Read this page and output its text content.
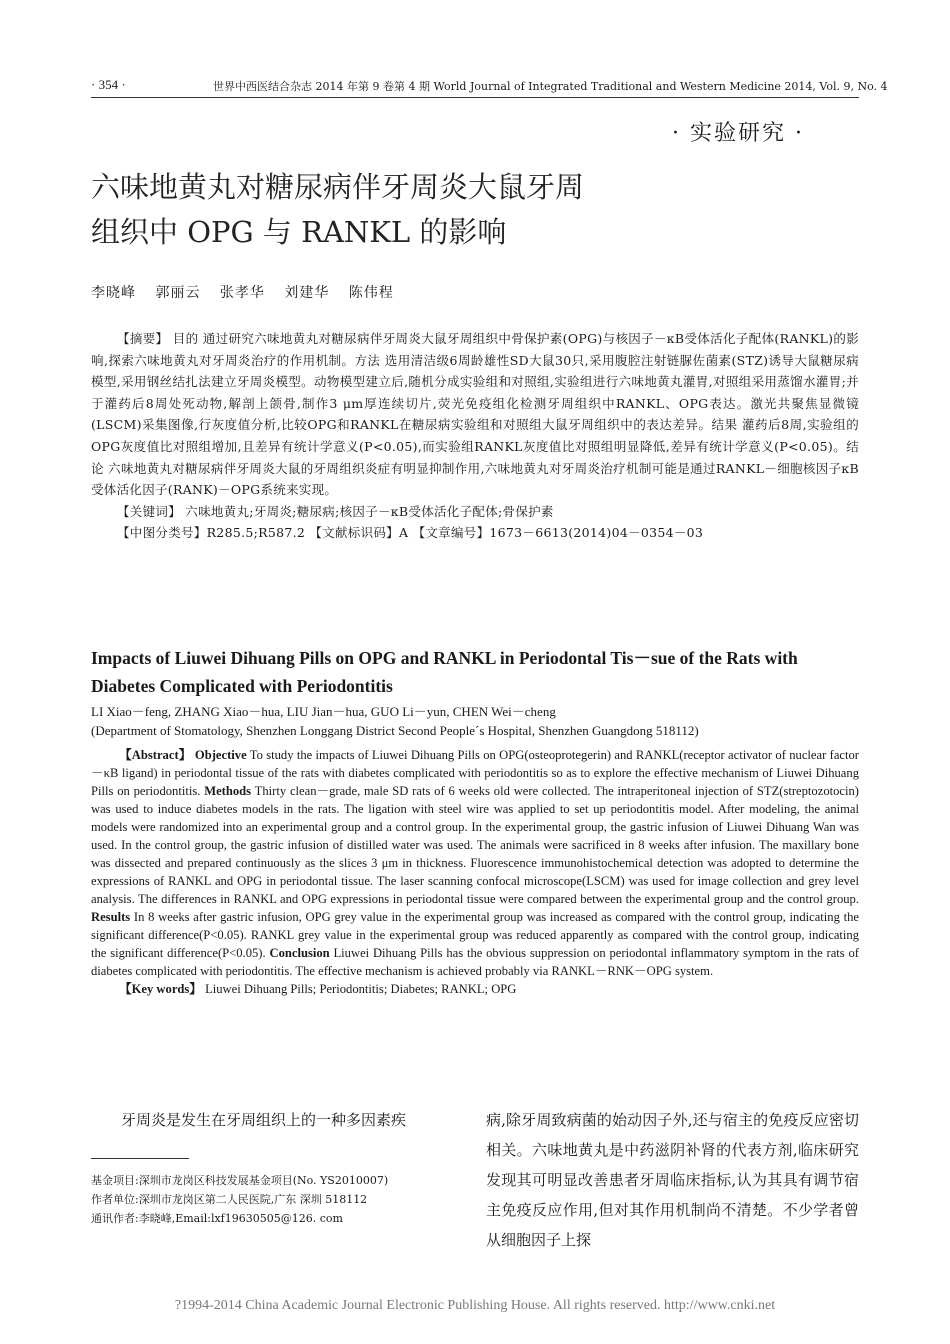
· 354 ·	世界中西医结合杂志 2014 年第 9 卷第 4 期 World Journal of Integrated Traditional and Western Medicine 2014, Vol. 9, No. 4
· 实验研究 ·
六味地黄丸对糖尿病伴牙周炎大鼠牙周
组织中 OPG 与 RANKL 的影响
李晓峰 郭丽云 张孝华 刘建华 陈伟程

【摘要】 目的 通过研究六味地黄丸对糖尿病伴牙周炎大鼠牙周组织中骨保护素(OPG)与核因子－κB受体活化子配体(RANKL)的影响,探索六味地黄丸对牙周炎治疗的作用机制。方法 选用清洁级6周龄雄性SD大鼠30只,采用腹腔注射链脲佐菌素(STZ)诱导大鼠糖尿病模型,采用钢丝结扎法建立牙周炎模型。动物模型建立后,随机分成实验组和对照组,实验组进行六味地黄丸灌胃,对照组采用蒸馏水灌胃;并于灌药后8周处死动物,解剖上颌骨,制作3 μm厚连续切片,荧光免疫组化检测牙周组织中RANKL、OPG表达。激光共聚焦显微镜(LSCM)采集图像,行灰度值分析,比较OPG和RANKL在糖尿病实验组和对照组大鼠牙周组织中的表达差异。结果 灌药后8周,实验组的OPG灰度值比对照组增加,且差异有统计学意义(P<0.05),而实验组RANKL灰度值比对照组明显降低,差异有统计学意义(P<0.05)。结论 六味地黄丸对糖尿病伴牙周炎大鼠的牙周组织炎症有明显抑制作用,六味地黄丸对牙周炎治疗机制可能是通过RANKL－细胞核因子κB受体活化因子(RANK)－OPG系统来实现。

【关键词】 六味地黄丸;牙周炎;糖尿病;核因子－κB受体活化子配体;骨保护素

【中图分类号】R285.5;R587.2 【文献标识码】A 【文章编号】1673－6613(2014)04－0354－03

Impacts of Liuwei Dihuang Pills on OPG and RANKL in Periodontal Tis－sue of the Rats with Diabetes Complicated with Periodontitis
LI Xiao－feng, ZHANG Xiao－hua, LIU Jian－hua, GUO Li－yun, CHEN Wei－cheng
(Department of Stomatology, Shenzhen Longgang District Second People´s Hospital, Shenzhen Guangdong 518112)

【Abstract】 Objective To study the impacts of Liuwei Dihuang Pills on OPG(osteoprotegerin) and RANKL(receptor activator of nuclear factor－κB ligand) in periodontal tissue of the rats with diabetes complicated with periodontitis so as to explore the effective mechanism of Liuwei Dihuang Pills on periodontitis. Methods Thirty clean－grade, male SD rats of 6 weeks old were collected. The intraperitoneal injection of STZ(streptozotocin) was used to induce diabetes models in the rats. The ligation with steel wire was applied to set up periodontitis model. After modeling, the animal models were randomized into an experimental group and a control group. In the experimental group, the gastric infusion of Liuwei Dihuang Wan was used. In the control group, the gastric infusion of distilled water was used. The animals were sacrificed in 8 weeks after infusion. The maxillary bone was dissected and prepared continuously as the slices 3 μm in thickness. Fluorescence immunohistochemical detection was adopted to determine the expressions of RANKL and OPG in periodontal tissue. The laser scanning confocal microscope(LSCM) was used for image collection and grey level analysis. The differences in RANKL and OPG expressions in periodontal tissue were compared between the experimental group and the control group. Results In 8 weeks after gastric infusion, OPG grey value in the experimental group was increased as compared with the control group, indicating the significant difference(P<0.05). RANKL grey value in the experimental group was reduced apparently as compared with the control group, indicating the significant difference(P<0.05). Conclusion Liuwei Dihuang Pills has the obvious suppression on periodontal inflammatory symptom in the rats of diabetes complicated with periodontitis. The effective mechanism is achieved probably via RANKL－RNK－OPG system.

【Key words】 Liuwei Dihuang Pills; Periodontitis; Diabetes; RANKL; OPG

牙周炎是发生在牙周组织上的一种多因素疾	病,除牙周致病菌的始动因子外,还与宿主的免疫反应密切相关。六味地黄丸是中药滋阴补肾的代表方剂,临床研究发现其可明显改善患者牙周临床指标,认为其具有调节宿主免疫反应作用,但对其作用机制尚不清楚。不少学者曾从细胞因子上探

基金项目:深圳市龙岗区科技发展基金项目(No. YS2010007)
作者单位:深圳市龙岗区第二人民医院,广东 深圳 518112
通讯作者:李晓峰,Email:lxf19630505@126. com
?1994-2014 China Academic Journal Electronic Publishing House. All rights reserved. http://www.cnki.net
